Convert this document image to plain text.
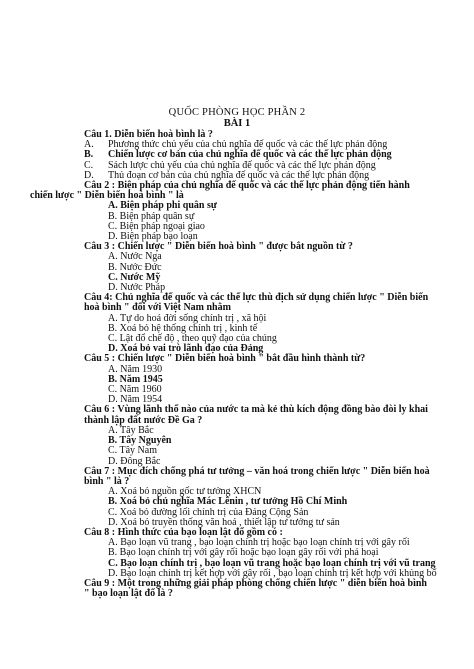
QUỐC PHÒNG HỌC PHẦN 2
BÀI 1
Câu 1. Diễn biến hoà bình là ?
A.	Phương thức chủ yếu của chủ nghĩa đế quốc và các thế lực phản động
B.	Chiến lược cơ bản của chủ nghĩa đế quốc và các thế lực phản động
C.	Sách lược chủ yếu của chủ nghĩa đế quốc và các thế lực phản động
D.	Thủ đoạn cơ bản của chủ nghĩa đế quốc và các thế lực phản động
Câu 2 : Biện pháp của chủ nghĩa đế quốc và các thế lực phản động tiến hành
chiến lược " Diễn biến hoà bình " là
A. Biện pháp phi quân sự
B. Biện pháp quân sự
C. Biện pháp ngoại giao
D. Biện pháp bạo loạn
Câu 3 : Chiến lược " Diễn biến hoà bình " được bắt nguồn từ ?
A. Nước Nga
B. Nước Đức
C. Nước Mỹ
D. Nước Pháp
Câu 4: Chủ nghĩa đế quốc và các thế lực thù địch sử dụng chiến lược " Diễn biến
hoà bình " đối với Việt Nam nhằm
A. Tự do hoá đời sống chính trị , xã hội
B. Xoá bỏ hệ thống chính trị , kinh tế
C. Lật đổ chế độ , theo quỹ đạo của chúng
D. Xoá bỏ vai trò lãnh đạo của Đảng
Câu 5 : Chiến lược " Diễn biến hoà bình " bắt đầu hình thành từ?
A. Năm 1930
B. Năm 1945
C. Năm 1960
D. Năm 1954
Câu 6 : Vùng lãnh thổ nào của nước ta mà kẻ thù kích động đồng bào đòi ly khai
thành lập đất nước Đề Ga ?
A. Tây Bắc
B. Tây Nguyên
C. Tây Nam
D. Đông Bắc
Câu 7 : Mục đích chống phá tư tưởng – văn hoá trong chiến lược " Diễn biến hoà
bình " là ?
A. Xoá bỏ nguồn gốc tư tưởng XHCN
B. Xoá bỏ chủ nghĩa Mác Lênin , tư tưởng Hồ Chí Minh
C. Xoá bỏ đường lối chính trị của Đảng Cộng Sản
D. Xoá bỏ truyền thống văn hoá , thiết lập tư tưởng tư sản
Câu 8 : Hình thức của bạo loạn lật đổ gồm có :
A. Bạo loạn vũ trang , bạo loạn chính trị hoặc bạo loạn chính trị với gây rối
B. Bạo loạn chính trị với gây rối hoặc bạo loạn gây rối với phá hoại
C. Bạo loạn chính trị , bạo loạn vũ trang hoặc bạo loạn chính trị với vũ trang
D. Bạo loạn chính trị kết hợp với gây rối , bạo loạn chính trị kết hợp với khủng bố
Câu 9 : Một trong những giải pháp phòng chống chiến lược " diễn biến hoà bình
" bạo loạn lật đổ là ?
